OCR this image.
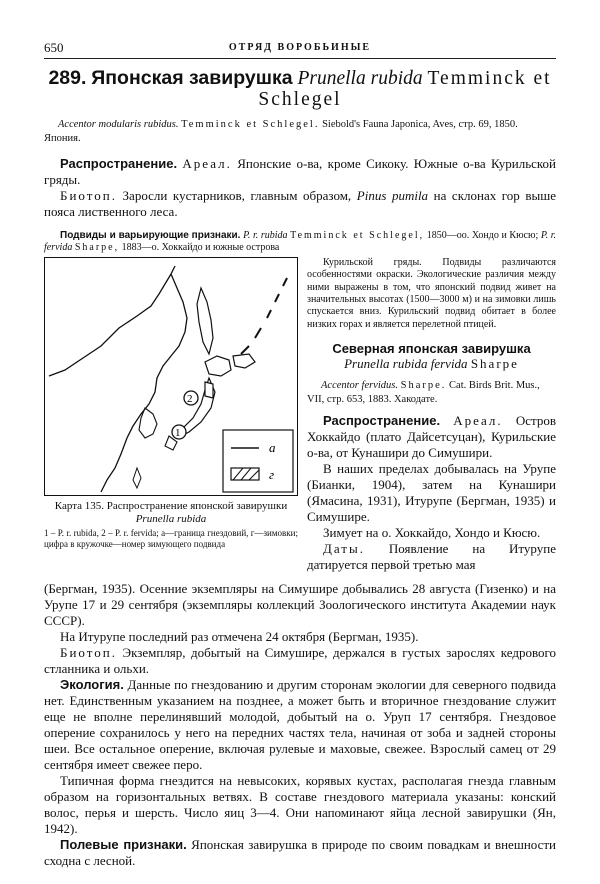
650	ОТРЯД ВОРОБЬИНЫЕ
289. Японская завирушка Prunella rubida Temminck et Schlegel

Accentor modularis rubidus. Temminck et Schlegel. Siebold's Fauna Japonica, Aves, стр. 69, 1850. Япония.

Распространение. Ареал. Японские о-ва, кроме Сикоку. Южные о-ва Курильской гряды.

Биотоп. Заросли кустарников, главным образом, Pinus pumila на склонах гор выше пояса лиственного леса.

Подвиды и варьирующие признаки. P. r. rubida Temminck et Schlegel, 1850—оо. Хондо и Кюсю; P. r. fervida Sharpe, 1883—о. Хоккайдо и южные острова

а
г
2
1
Карта 135. Распространение японской завирушки Prunella rubida
1 – P. r. rubida, 2 – P. r. fervida; а—граница гнездовий, г—зимовки; цифра в кружочке—номер зимующего подвида

Курильской гряды. Подвиды различаются особенностями окраски. Экологические различия между ними выражены в том, что японский подвид живет на значительных высотах (1500—3000 м) и на зимовки лишь спускается вниз. Курильский подвид обитает в более низких горах и является перелетной птицей.

Северная японская завирушка
Prunella rubida fervida Sharpe

Accentor fervidus. Sharpe. Cat. Birds Brit. Mus., VII, стр. 653, 1883. Хакодате.

Распространение. Ареал. Остров Хоккайдо (плато Дайсетсуцан), Курильские о-ва, от Кунашири до Симушири.

В наших пределах добывалась на Урупе (Бианки, 1904), затем на Кунашири (Ямасина, 1931), Итурупе (Бергман, 1935) и Симушире.

Зимует на о. Хоккайдо, Хондо и Кюсю.

Даты. Появление на Итурупе датируется первой третью мая

(Бергман, 1935). Осенние экземпляры на Симушире добывались 28 августа (Гизенко) и на Урупе 17 и 29 сентября (экземпляры коллекций Зоологического института Академии наук СССР).

На Итурупе последний раз отмечена 24 октября (Бергман, 1935).

Биотоп. Экземпляр, добытый на Симушире, держался в густых зарослях кедрового стланника и ольхи.

Экология. Данные по гнездованию и другим сторонам экологии для северного подвида нет. Единственным указанием на позднее, а может быть и вторичное гнездование служит еще не вполне перелинявший молодой, добытый на о. Уруп 17 сентября. Гнездовое оперение сохранилось у него на передних частях тела, начиная от зоба и задней стороны шеи. Все остальное оперение, включая рулевые и маховые, свежее. Взрослый самец от 29 сентября имеет свежее перо.

Типичная форма гнездится на невысоких, корявых кустах, располагая гнезда главным образом на горизонтальных ветвях. В составе гнездового материала указаны: конский волос, перья и шерсть. Число яиц 3—4. Они напоминают яйца лесной завирушки (Ян, 1942).

Полевые признаки. Японская завирушка в природе по своим повадкам и внешности сходна с лесной.
